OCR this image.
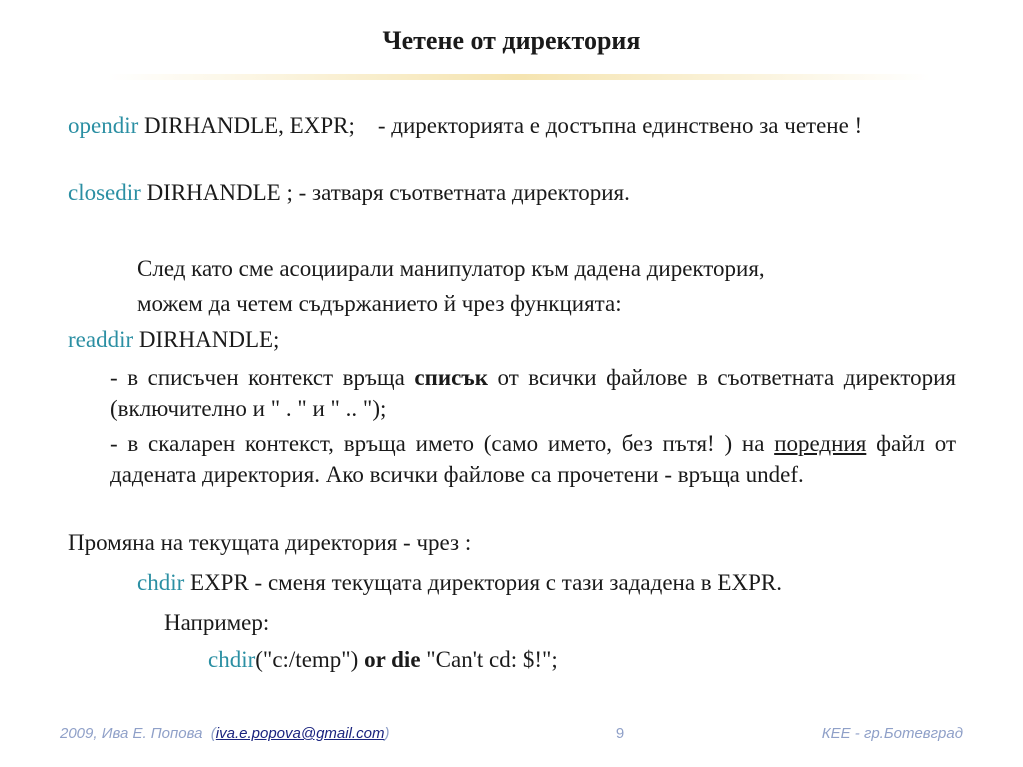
Четене от директория

opendir DIRHANDLE, EXPR;    - директорията е достъпна единствено за четене !

closedir DIRHANDLE ; - затваря съответната директория.

След като сме асоциирали манипулатор към дадена директория,

можем да четем съдържанието й чрез функцията:

readdir DIRHANDLE;

- в списъчен контекст връща списък от всички файлове в съответната директория (включително и " . " и " .. ");

- в скаларен контекст, връща името (само името, без пътя! ) на поредния файл от дадената директория. Ако всички файлове са прочетени - връща undef.

Промяна на текущата директория - чрез :

chdir EXPR - сменя текущата директория с тази зададена в EXPR.

Например:

chdir("c:/temp") or die "Can't cd: $!";

2009, Ива Е. Попова  (iva.e.popova@gmail.com)	9	КЕЕ - гр.Ботевград
